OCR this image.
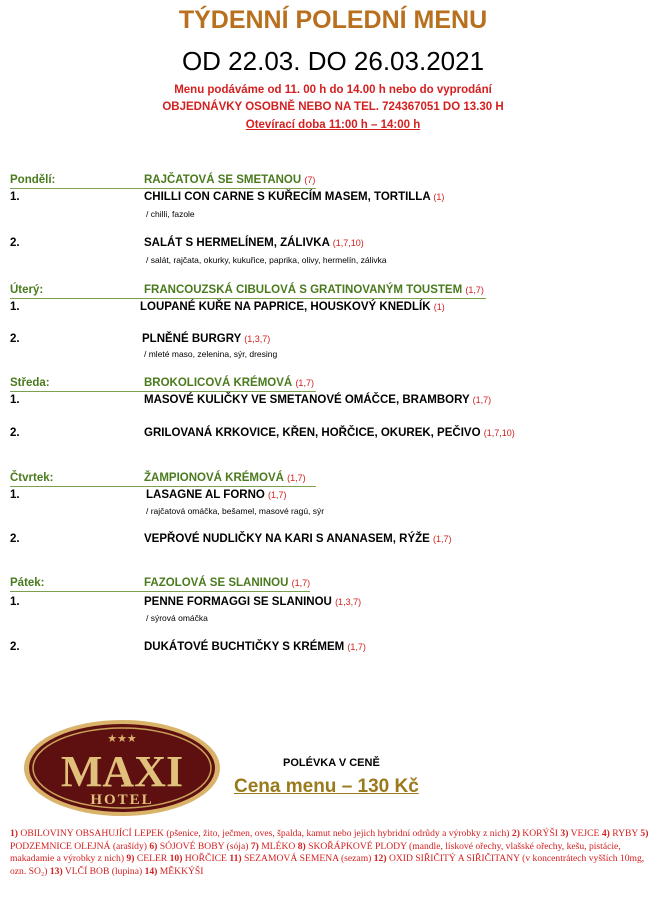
TÝDENNÍ POLEDNÍ MENU
OD 22.03. DO 26.03.2021
Menu podáváme od 11. 00 h do 14.00 h nebo do vyprodání
OBJEDNÁVKY OSOBNĚ NEBO NA TEL. 724367051 DO 13.30 H
Otevírací doba 11:00 h – 14:00 h
Pondělí:	RAJČATOVÁ SE SMETANOU (7)
1.	CHILLI CON CARNE S KUŘECÍM MASEM, TORTILLA (1)
/ chilli, fazole
2.	SALÁT S HERMELÍNEM, ZÁLIVKA (1,7,10)
/ salát, rajčata, okurky, kukuřice, paprika, olivy, hermelín, zálivka
Úterý:	FRANCOUZSKÁ CIBULOVÁ S GRATINOVANÝM TOUSTEM (1,7)
1.	LOUPANÉ KUŘE NA PAPRICE, HOUSKOVÝ KNEDLÍK (1)
2.	PLNĚNÉ BURGRY (1,3,7)
/ mleté maso, zelenina, sýr, dresing
Středa:	BROKOLICOVÁ KRÉMOVÁ (1,7)
1.	MASOVÉ KULIČKY VE SMETANOVÉ OMÁČCE, BRAMBORY (1,7)
2.	GRILOVANÁ KRKOVICE, KŘEN, HOŘČICE, OKUREK, PEČIVO (1,7,10)
Čtvrtek:	ŽAMPIONOVÁ KRÉMOVÁ (1,7)
1.	LASAGNE AL FORNO (1,7)
/ rajčatová omáčka, bešamel, masové ragú, sýr
2.	VEPŘOVÉ NUDLIČKY NA KARI S ANANASEM, RÝŽE (1,7)
Pátek:	FAZOLOVÁ SE SLANINOU (1,7)
1.	PENNE FORMAGGI SE SLANINOU (1,3,7)
/ sýrová omáčka
2.	DUKÁTOVÉ BUCHTIČKY S KRÉMEM (1,7)
★★★
MAXI
HOTEL
POLÉVKA V CENĚ
Cena menu – 130 Kč
1) OBILOVINY OBSAHUJÍCÍ LEPEK (pšenice, žito, ječmen, oves, špalda, kamut nebo jejich hybridní odrůdy a výrobky z nich) 2) KORÝŠI 3) VEJCE 4) RYBY 5) PODZEMNICE OLEJNÁ (arašídy) 6) SÓJOVÉ BOBY (sója) 7) MLÉKO 8) SKOŘÁPKOVÉ PLODY (mandle, lískové ořechy, vlašské ořechy, kešu, pistácie, makadamie a výrobky z nich) 9) CELER 10) HOŘČICE 11) SEZAMOVÁ SEMENA (sezam) 12) OXID SIŘIČITÝ A SIŘIČITANY (v koncentrátech vyšších 10mg, ozn. SO₂) 13) VLČÍ BOB (lupina) 14) MĚKKÝŠI
